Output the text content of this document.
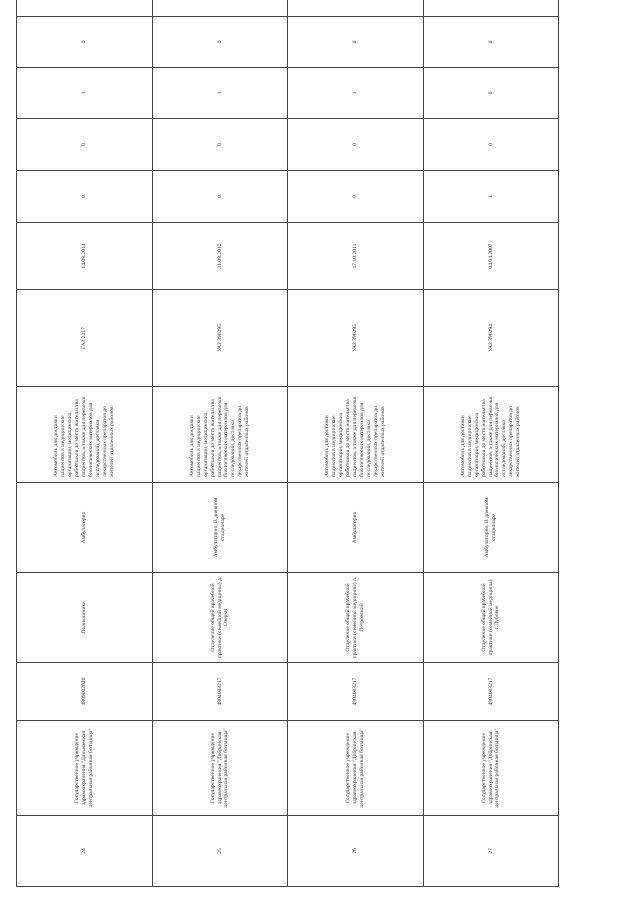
24	Государственное учреждение здравоохранения "Даньковская центральная районная больница"	4809002620	Поликлиника	Амбулаторно	Автомобиль для доставки пациентов в медицинские организации, медицинских работников до места жительства пациентов, а также для перевозки биологических материалов для исследований, доставки лекарственных препаратов до жителей отдаленных районов	ГАЗ 2217	14.08.2014	0	0	1	0	
25	Государственное учреждение здравоохранения "Добринская центральная районная больница"	4804003217	Отделение общей врачебной практики (семейной медицины) д. Озерки	Амбулаторно, В дневном стационаре	Автомобиль для доставки пациентов в медицинские организации, медицинских работников до места жительства пациентов, а также для перевозки биологических материалов для исследований, доставки лекарственных препаратов до жителей отдаленных районов	УАЗ 396295	31.08.2012	0	0	1	0	
26	Государственное учреждение здравоохранения "Добринская центральная районная больница"	4804003217	Отделение общей врачебной практики (семейной медицины) п. Петровский	Амбулаторно	Автомобиль для доставки пациентов в медицинские организации, медицинских работников до места жительства пациентов, а также для перевозки биологических материалов для исследований, доставки лекарственных препаратов до жителей отдаленных районов	УАЗ 396295	17.10.2011	0	0	1	0	
27	Государственное учреждение здравоохранения "Добринская центральная районная больница"	4804003217	Отделение общей врачебной практики (семейной медицины) с.Дубовое	Амбулаторно, В дневном стационаре	Автомобиль для доставки пациентов в медицинские организации, медицинских работников до места жительства пациентов, а также для перевозки биологических материалов для исследований, доставки лекарственных препаратов до жителей отдаленных районов	УАЗ 396294	04.04.2007	1	0	0	0	
